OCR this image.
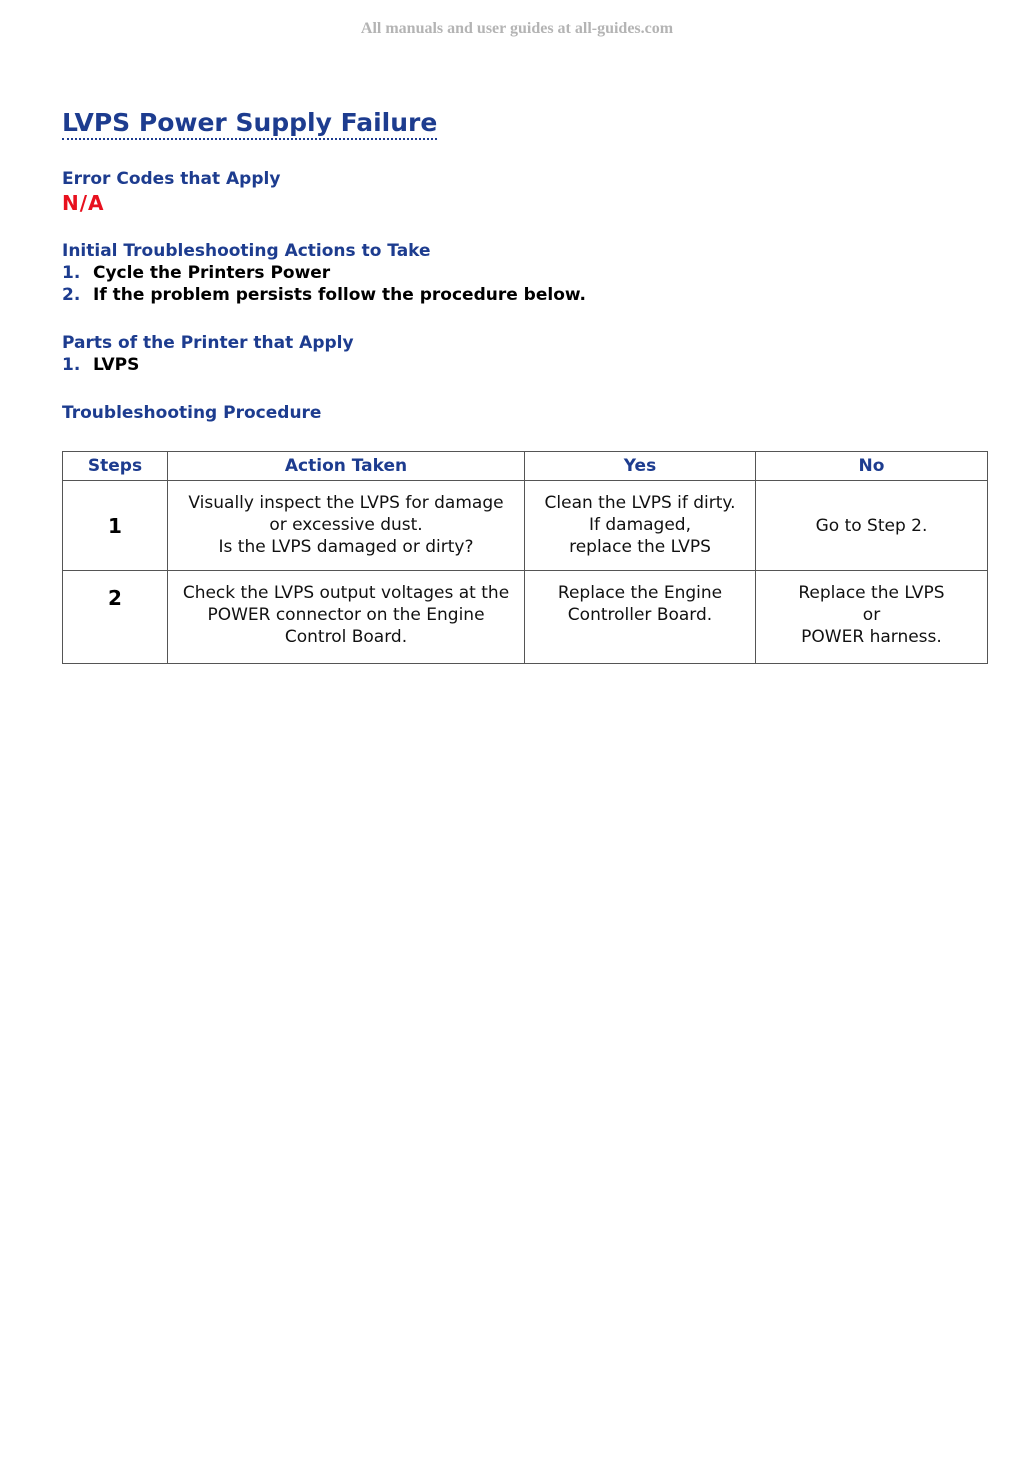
All manuals and user guides at all-guides.com
LVPS Power Supply Failure
Error Codes that Apply
N/A
Initial Troubleshooting Actions to Take
1. Cycle the Printers Power
2. If the problem persists follow the procedure below.
Parts of the Printer that Apply
1. LVPS
Troubleshooting Procedure
Steps	Action Taken	Yes	No
1	Visually inspect the LVPS for damage
or excessive dust.
Is the LVPS damaged or dirty?	Clean the LVPS if dirty.
If damaged,
replace the LVPS	Go to Step 2.

2	Check the LVPS output voltages at the
POWER connector on the Engine
Control Board.	Replace the Engine
Controller Board.	Replace the LVPS
or
POWER harness.
